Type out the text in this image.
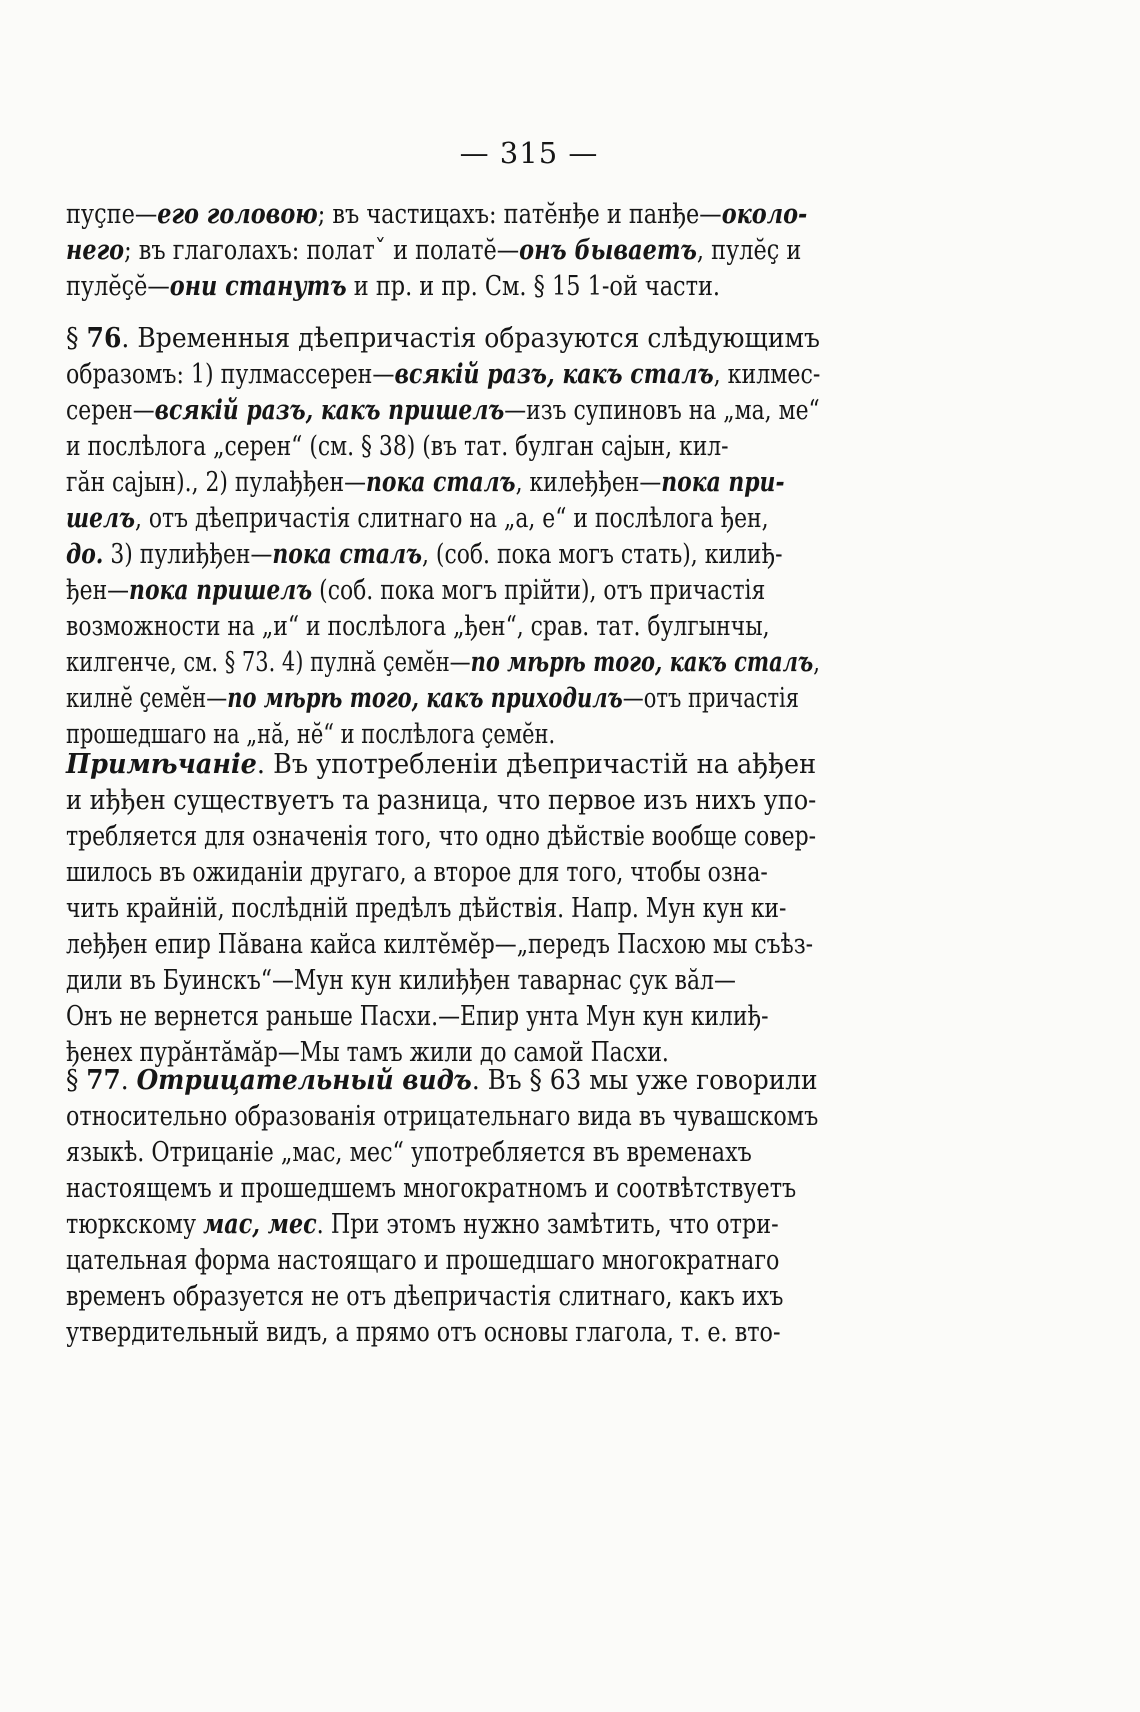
— 315 —
пуçпе—его головою; въ частицахъ: патĕнђе и панђе—около-
него; въ глаголахъ: полатˇ и полатĕ—онъ бываетъ, пулĕç и
пулĕçĕ—они станутъ и пр. и пр. См. § 15 1-ой части.
§ 76. Временныя дѣепричастія образуются слѣдующимъ
образомъ: 1) пулмассерен—всякій разъ, какъ сталъ, килмес-
серен—всякій разъ, какъ пришелъ—изъ супиновъ на „ма, ме“
и послѣлога „серен“ (см. § 38) (въ тат. булган сајын, кил-
гăн сајын)., 2) пулађђен—пока сталъ, килеђђен—пока при-
шелъ, отъ дѣепричастія слитнаго на „а, е“ и послѣлога ђен,
до. 3) пулиђђен—пока сталъ, (соб. пока могъ стать), килиђ-
ђен—пока пришелъ (соб. пока могъ прійти), отъ причастія
возможности на „и“ и послѣлога „ђен“, срав. тат. булгынчы,
килгенче, см. § 73. 4) пулнă çемĕн—по мѣрѣ того, какъ сталъ,
килнĕ çемĕн—по мѣрѣ того, какъ приходилъ—отъ причастія
прошедшаго на „нă, нĕ“ и послѣлога çемĕн.
Примѣчаніе. Въ употребленіи дѣепричастій на ађђен
и иђђен существуетъ та разница, что первое изъ нихъ упо-
требляется для означенія того, что одно дѣйствіе вообще совер-
шилось въ ожиданіи другаго, а второе для того, чтобы озна-
чить крайній, послѣдній предѣлъ дѣйствія. Напр. Мун кун ки-
леђђен епир Пăвана кайса килтĕмĕр—„передъ Пасхою мы съѣз-
дили въ Буинскъ“—Мун кун килиђђен таварнас çук вăл—
Онъ не вернется раньше Пасхи.—Епир унта Мун кун килиђ-
ђенех пурăнтăмăр—Мы тамъ жили до самой Пасхи.
§ 77. Отрицательный видъ. Въ § 63 мы уже говорили
относительно образованія отрицательнаго вида въ чувашскомъ
языкѣ. Отрицаніе „мас, мес“ употребляется въ временахъ
настоящемъ и прошедшемъ многократномъ и соотвѣтствуетъ
тюркскому мас, мес. При этомъ нужно замѣтить, что отри-
цательная форма настоящаго и прошедшаго многократнаго
временъ образуется не отъ дѣепричастія слитнаго, какъ ихъ
утвердительный видъ, а прямо отъ основы глагола, т. е. вто-
